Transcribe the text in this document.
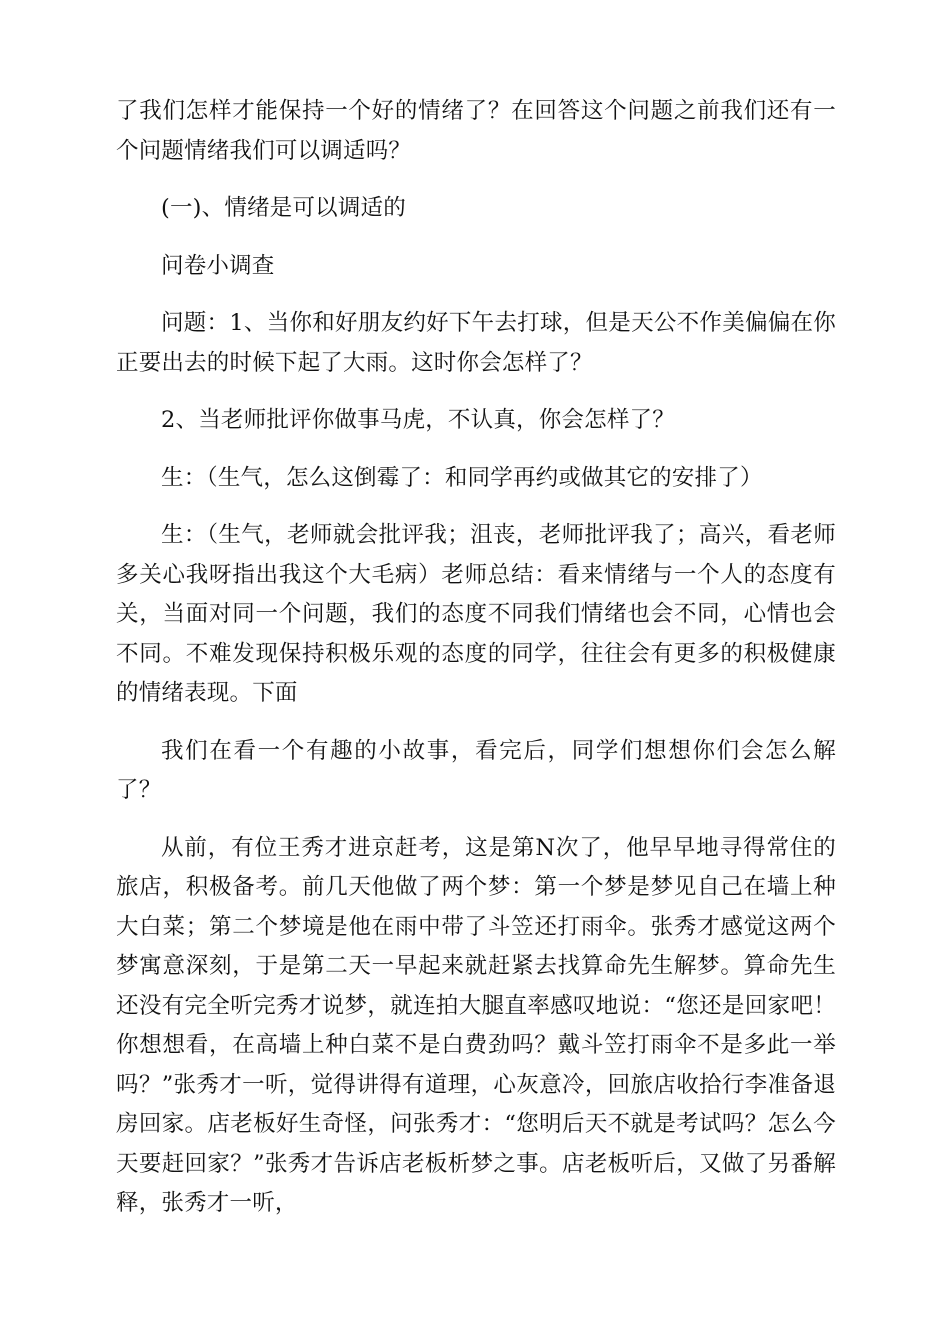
了我们怎样才能保持一个好的情绪了？在回答这个问题之前我们还有一个问题情绪我们可以调适吗？

(一)、情绪是可以调适的

问卷小调查

问题：1、当你和好朋友约好下午去打球，但是天公不作美偏偏在你正要出去的时候下起了大雨。这时你会怎样了？

2、当老师批评你做事马虎，不认真，你会怎样了？

生：（生气，怎么这倒霉了：和同学再约或做其它的安排了）

生：（生气，老师就会批评我；沮丧，老师批评我了；高兴，看老师多关心我呀指出我这个大毛病）老师总结：看来情绪与一个人的态度有关，当面对同一个问题，我们的态度不同我们情绪也会不同，心情也会不同。不难发现保持积极乐观的态度的同学，往往会有更多的积极健康的情绪表现。下面

我们在看一个有趣的小故事，看完后，同学们想想你们会怎么解了？

从前，有位王秀才进京赶考，这是第N次了，他早早地寻得常住的旅店，积极备考。前几天他做了两个梦：第一个梦是梦见自己在墙上种大白菜；第二个梦境是他在雨中带了斗笠还打雨伞。张秀才感觉这两个梦寓意深刻，于是第二天一早起来就赶紧去找算命先生解梦。算命先生还没有完全听完秀才说梦，就连拍大腿直率感叹地说：“您还是回家吧！你想想看，在高墙上种白菜不是白费劲吗？戴斗笠打雨伞不是多此一举吗？”张秀才一听，觉得讲得有道理，心灰意冷，回旅店收拾行李准备退房回家。店老板好生奇怪，问张秀才：“您明后天不就是考试吗？怎么今天要赶回家？”张秀才告诉店老板析梦之事。店老板听后，又做了另番解释，张秀才一听，
